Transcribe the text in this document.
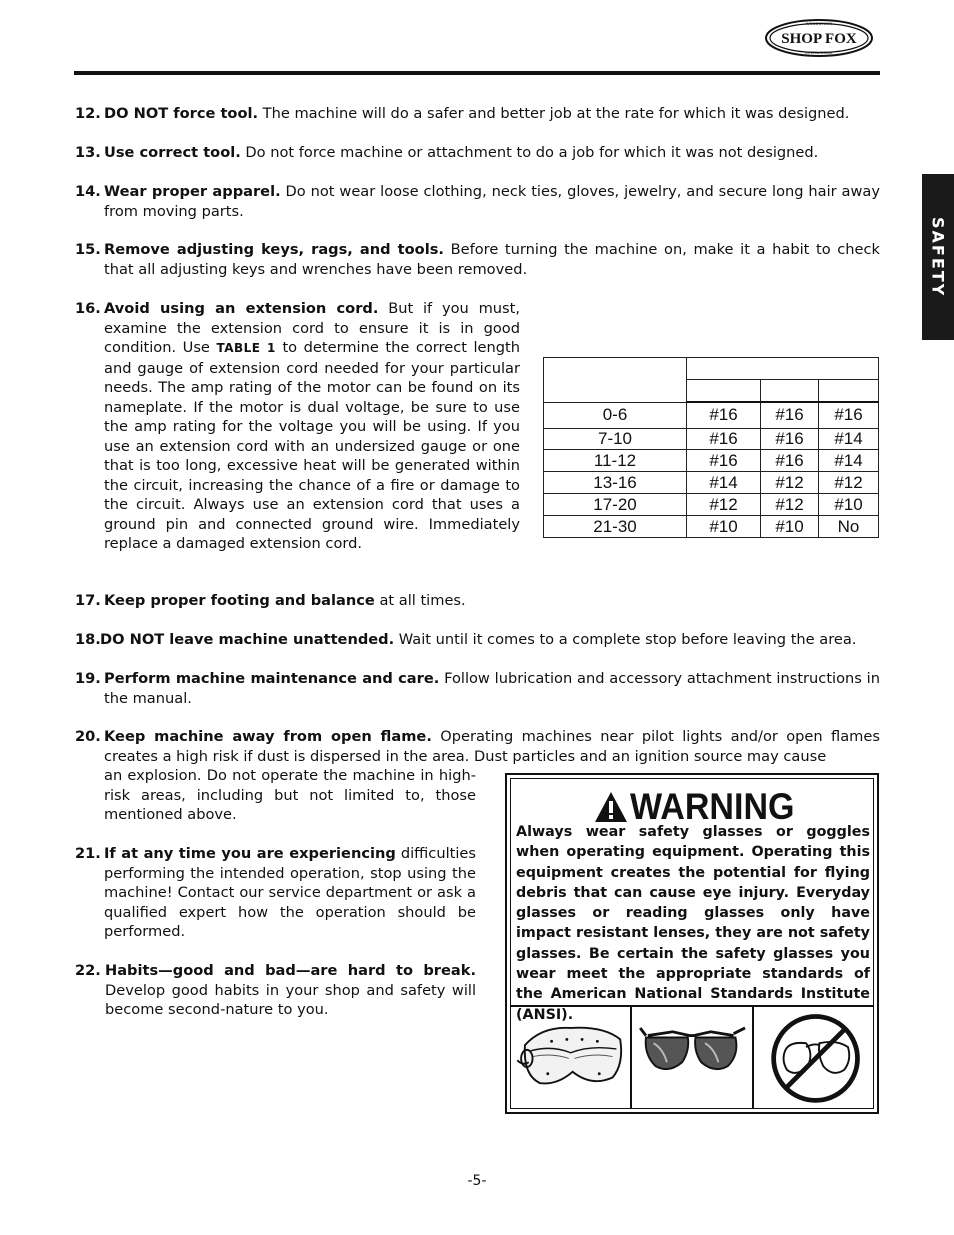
SHOP FOX
WOODSTOCK
INTERNATIONAL
SAFETY
12. DO NOT force tool. The machine will do a safer and better job at the rate for which it was designed.
13. Use correct tool. Do not force machine or attachment to do a job for which it was not designed.
14. Wear proper apparel. Do not wear loose clothing, neck ties, gloves, jewelry, and secure long hair away from moving parts.
15. Remove adjusting keys, rags, and tools. Before turning the machine on, make it a habit to check that all adjusting keys and wrenches have been removed.
16. Avoid using an extension cord. But if you must, examine the extension cord to ensure it is in good condition. Use TABLE 1 to determine the correct length and gauge of extension cord needed for your particular needs. The amp rating of the motor can be found on its nameplate. If the motor is dual voltage, be sure to use the amp rating for the voltage you will be using. If you use an extension cord with an undersized gauge or one that is too long, excessive heat will be generated within the circuit, increasing the chance of a fire or damage to the circuit. Always use an extension cord that uses a ground pin and connected ground wire. Immediately replace a damaged extension cord.

0-6	#16	#16	#16
7-10	#16	#16	#14
11-12	#16	#16	#14
13-16	#14	#12	#12
17-20	#12	#12	#10
21-30	#10	#10	No
17. Keep proper footing and balance at all times.
18. DO NOT leave machine unattended. Wait until it comes to a complete stop before leaving the area.
19. Perform machine maintenance and care. Follow lubrication and accessory attachment instructions in the manual.
20. Keep machine away from open flame. Operating machines near pilot lights and/or open flames creates a high risk if dust is dispersed in the area. Dust particles and an ignition source may cause
an explosion. Do not operate the machine in high-risk areas, including but not limited to, those mentioned above.
21. If at any time you are experiencing difficulties performing the intended operation, stop using the machine! Contact our service department or ask a qualified expert how the operation should be performed.
22. Habits—good and bad—are hard to break. Develop good habits in your shop and safety will become second-nature to you.
WARNING
Always wear safety glasses or goggles when operating equipment. Operating this equipment creates the potential for flying debris that can cause eye injury. Everyday glasses or reading glasses only have impact resistant lenses, they are not safety glasses. Be certain the safety glasses you wear meet the appropriate standards of the American National Standards Institute (ANSI).
-5-
